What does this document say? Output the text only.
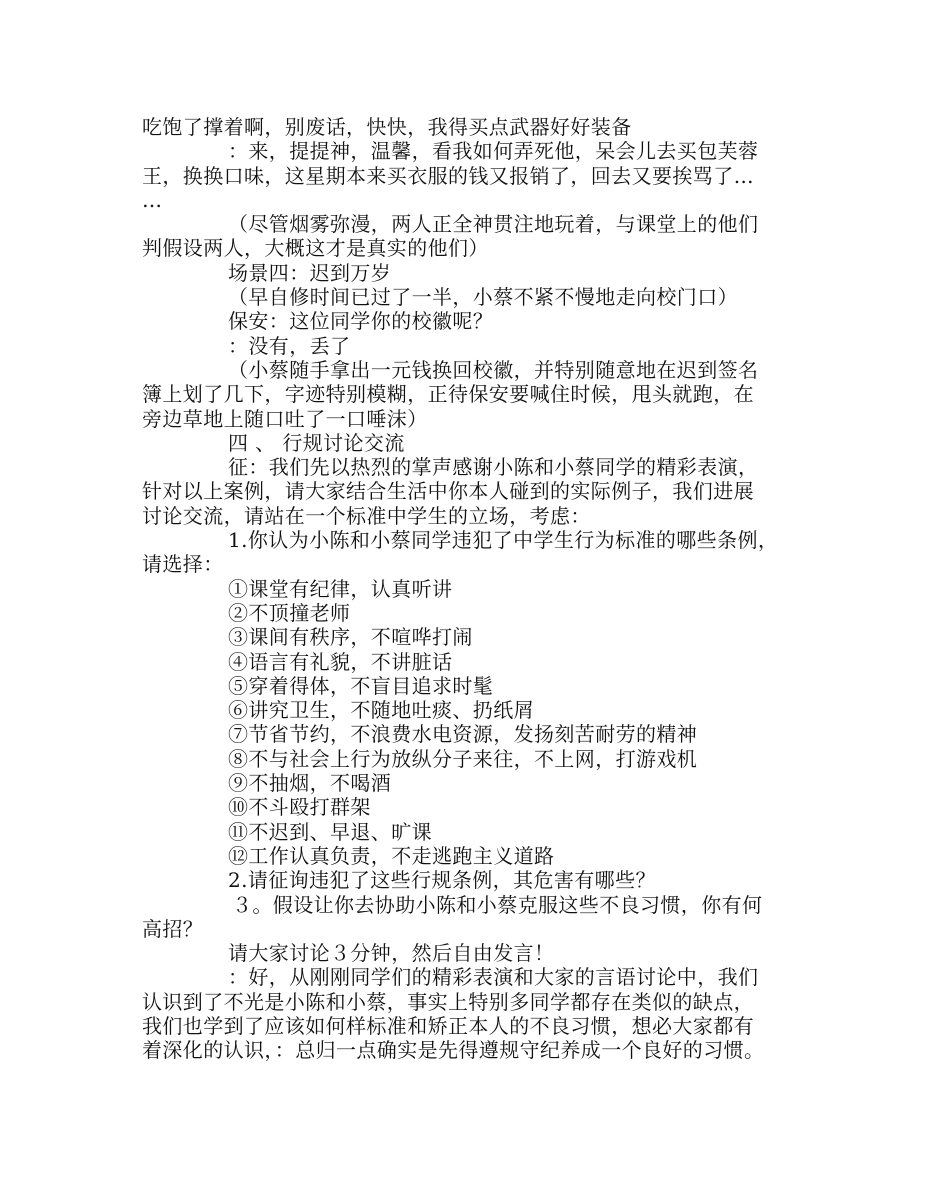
吃饱了撑着啊，别废话，快快，我得买点武器好好装备
：来，提提神，温馨，看我如何弄死他，呆会儿去买包芙蓉
王，换换口味，这星期本来买衣服的钱又报销了，回去又要挨骂了…
…
（尽管烟雾弥漫，两人正全神贯注地玩着，与课堂上的他们
判假设两人，大概这才是真实的他们）
场景四：迟到万岁
（早自修时间已过了一半，小蔡不紧不慢地走向校门口）
保安：这位同学你的校徽呢？
：没有，丢了
（小蔡随手拿出一元钱换回校徽，并特别随意地在迟到签名
簿上划了几下，字迹特别模糊，正待保安要喊住时候，甩头就跑，在
旁边草地上随口吐了一口唾沫）
四 、 行规讨论交流
征：我们先以热烈的掌声感谢小陈和小蔡同学的精彩表演，
针对以上案例，请大家结合生活中你本人碰到的实际例子，我们进展
讨论交流，请站在一个标准中学生的立场，考虑：
1.你认为小陈和小蔡同学违犯了中学生行为标准的哪些条例，
请选择：
①课堂有纪律，认真听讲
②不顶撞老师
③课间有秩序，不喧哗打闹
④语言有礼貌，不讲脏话
⑤穿着得体，不盲目追求时髦
⑥讲究卫生，不随地吐痰、扔纸屑
⑦节省节约，不浪费水电资源，发扬刻苦耐劳的精神
⑧不与社会上行为放纵分子来往，不上网，打游戏机
⑨不抽烟，不喝酒
⑩不斗殴打群架
⑪不迟到、早退、旷课
⑫工作认真负责，不走逃跑主义道路
2.请征询违犯了这些行规条例，其危害有哪些？
３。假设让你去协助小陈和小蔡克服这些不良习惯，你有何
高招？
请大家讨论３分钟，然后自由发言！
：好，从刚刚同学们的精彩表演和大家的言语讨论中，我们
认识到了不光是小陈和小蔡，事实上特别多同学都存在类似的缺点，
我们也学到了应该如何样标准和矫正本人的不良习惯，想必大家都有
着深化的认识，：总归一点确实是先得遵规守纪养成一个良好的习惯。
